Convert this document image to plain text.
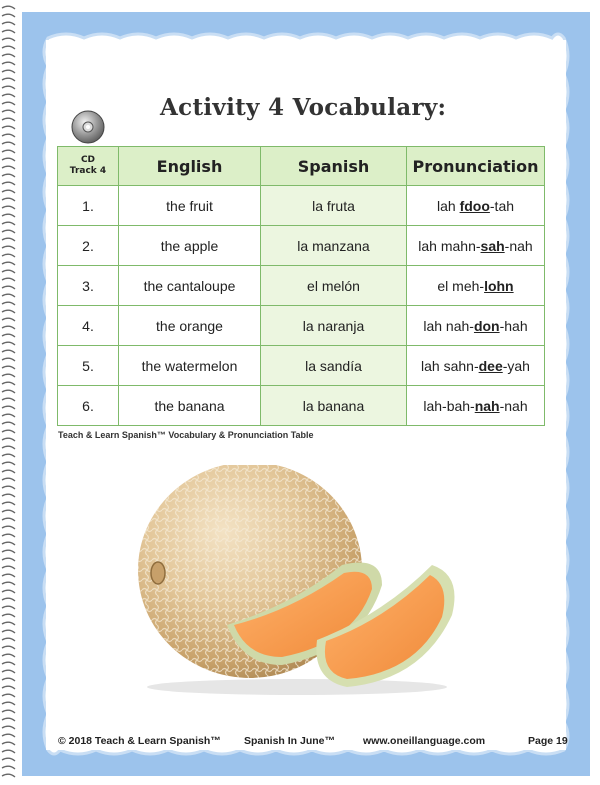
Activity 4 Vocabulary:
CD
Track 4	English	Spanish	Pronunciation
1.	the fruit	la fruta	lah fdoo-tah
2.	the apple	la manzana	lah mahn-sah-nah
3.	the cantaloupe	el melón	el meh-lohn
4.	the orange	la naranja	lah nah-don-hah
5.	the watermelon	la sandía	lah sahn-dee-yah
6.	the banana	la banana	lah-bah-nah-nah
Teach & Learn Spanish™ Vocabulary & Pronunciation Table
© 2018 Teach & Learn Spanish™ Spanish In June™	www.oneillanguage.com	Page 19
